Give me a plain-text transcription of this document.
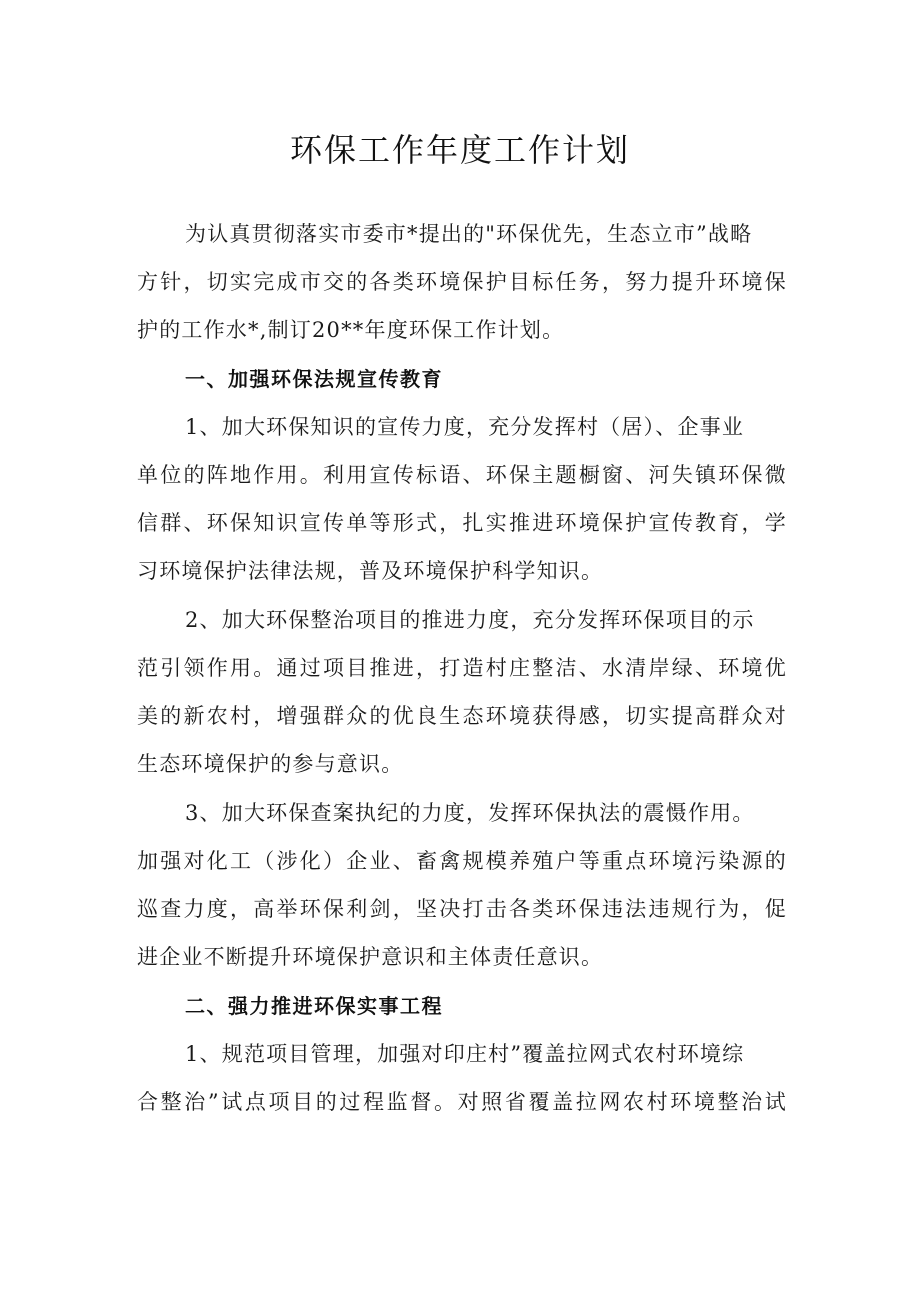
环保工作年度工作计划
为认真贯彻落实市委市*提出的"环保优先，生态立市”战略
方针，切实完成市交的各类环境保护目标任务，努力提升环境保
护的工作水*,制订20**年度环保工作计划。
一、加强环保法规宣传教育
1、加大环保知识的宣传力度，充分发挥村（居）、企事业
单位的阵地作用。利用宣传标语、环保主题橱窗、河失镇环保微
信群、环保知识宣传单等形式，扎实推进环境保护宣传教育，学
习环境保护法律法规，普及环境保护科学知识。
2、加大环保整治项目的推进力度，充分发挥环保项目的示
范引领作用。通过项目推进，打造村庄整洁、水清岸绿、环境优
美的新农村，增强群众的优良生态环境获得感，切实提高群众对
生态环境保护的参与意识。
3、加大环保查案执纪的力度，发挥环保执法的震慑作用。
加强对化工（涉化）企业、畜禽规模养殖户等重点环境污染源的
巡查力度，高举环保利剑，坚决打击各类环保违法违规行为，促
进企业不断提升环境保护意识和主体责任意识。
二、强力推进环保实事工程
1、规范项目管理，加强对印庄村”覆盖拉网式农村环境综
合整治”试点项目的过程监督。对照省覆盖拉网农村环境整治试
